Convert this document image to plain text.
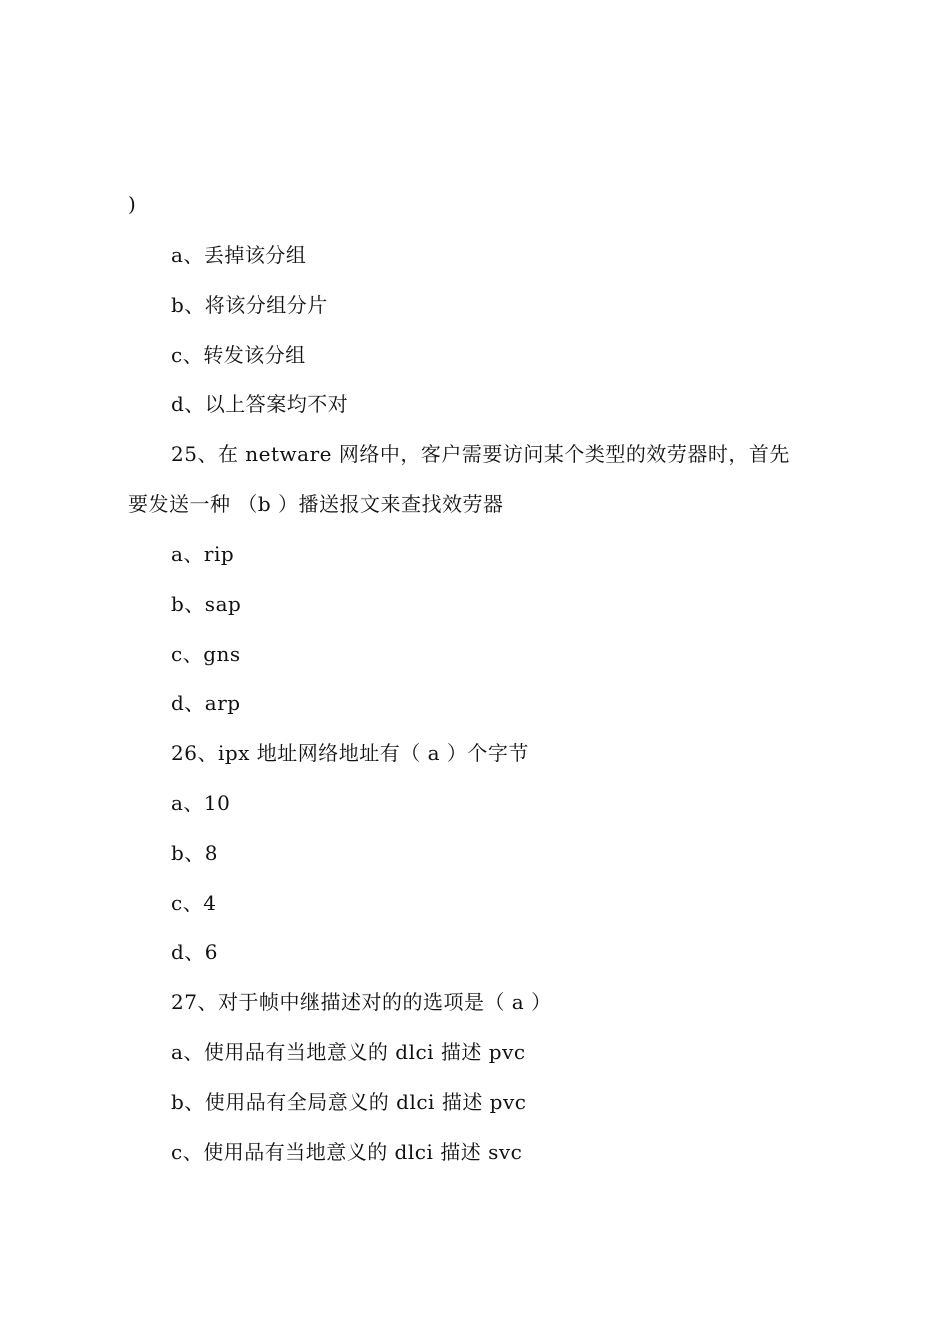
)
a、丢掉该分组
b、将该分组分片
c、转发该分组
d、以上答案均不对
25、在 netware 网络中，客户需要访问某个类型的效劳器时，首先
要发送一种 （b ）播送报文来查找效劳器
a、rip
b、sap
c、gns
d、arp
26、ipx 地址网络地址有（ a ）个字节
a、10
b、8
c、4
d、6
27、对于帧中继描述对的的选项是（ a ）
a、使用品有当地意义的 dlci 描述 pvc
b、使用品有全局意义的 dlci 描述 pvc
c、使用品有当地意义的 dlci 描述 svc
